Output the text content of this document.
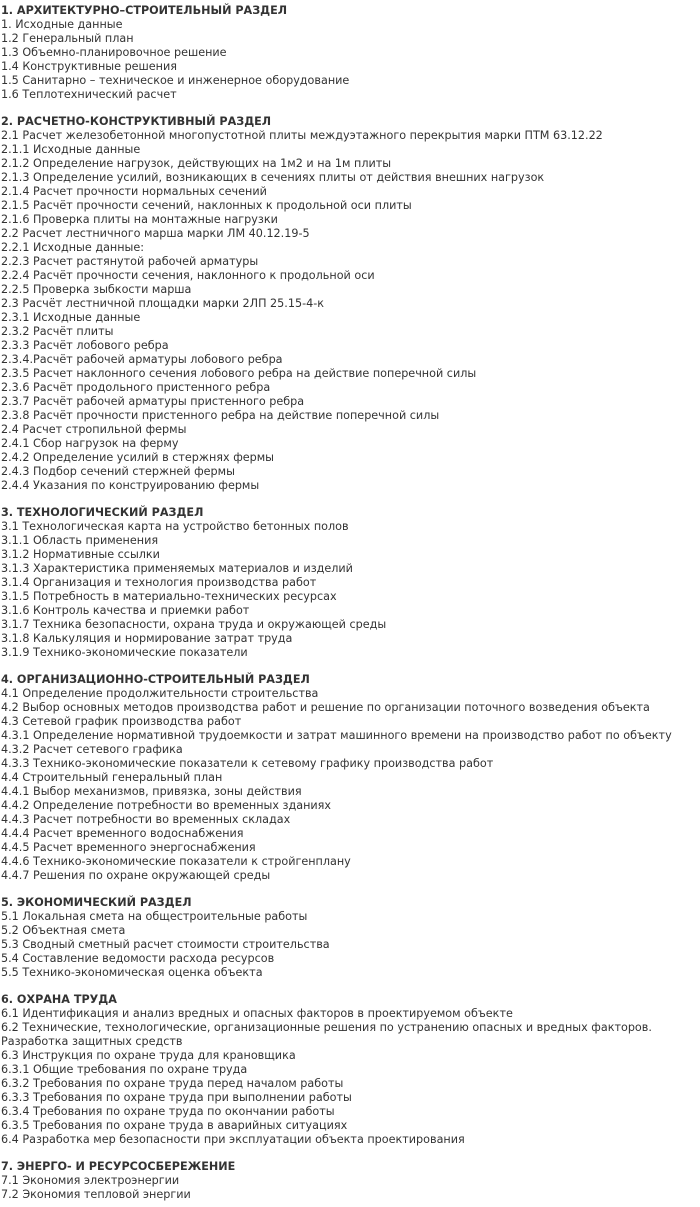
1. АРХИТЕКТУРНО–СТРОИТЕЛЬНЫЙ РАЗДЕЛ
1. Исходные данные
1.2 Генеральный план
1.3 Объемно-планировочное решение
1.4 Конструктивные решения
1.5 Санитарно – техническое и инженерное оборудование
1.6 Теплотехнический расчет
2. РАСЧЕТНО-КОНСТРУКТИВНЫЙ РАЗДЕЛ
2.1 Расчет железобетонной многопустотной плиты междуэтажного перекрытия марки ПТМ 63.12.22
2.1.1 Исходные данные
2.1.2 Определение нагрузок, действующих на 1м2 и на 1м плиты
2.1.3 Определение усилий, возникающих в сечениях плиты от действия внешних нагрузок
2.1.4 Расчет прочности нормальных сечений
2.1.5 Расчёт прочности сечений, наклонных к продольной оси плиты
2.1.6 Проверка плиты на монтажные нагрузки
2.2 Расчет лестничного марша марки ЛМ 40.12.19-5
2.2.1 Исходные данные:
2.2.3 Расчет растянутой рабочей арматуры
2.2.4 Расчёт прочности сечения, наклонного к продольной оси
2.2.5 Проверка зыбкости марша
2.3 Расчёт лестничной площадки марки 2ЛП 25.15-4-к
2.3.1 Исходные данные
2.3.2 Расчёт плиты
2.3.3 Расчёт лобового ребра
2.3.4.Расчёт рабочей арматуры лобового ребра
2.3.5 Расчет наклонного сечения лобового ребра на действие поперечной силы
2.3.6 Расчёт продольного пристенного ребра
2.3.7 Расчёт рабочей арматуры пристенного ребра
2.3.8 Расчёт прочности пристенного ребра на действие поперечной силы
2.4 Расчет стропильной фермы
2.4.1 Сбор нагрузок на ферму
2.4.2 Определение усилий в стержнях фермы
2.4.3 Подбор сечений стержней фермы
2.4.4 Указания по конструированию фермы
3. ТЕХНОЛОГИЧЕСКИЙ РАЗДЕЛ
3.1 Технологическая карта на устройство бетонных полов
3.1.1 Область применения
3.1.2 Нормативные ссылки
3.1.3 Характеристика применяемых материалов и изделий
3.1.4 Организация и технология производства работ
3.1.5 Потребность в материально-технических ресурсах
3.1.6 Контроль качества и приемки работ
3.1.7 Техника безопасности, охрана труда и окружающей среды
3.1.8 Калькуляция и нормирование затрат труда
3.1.9 Технико-экономические показатели
4. ОРГАНИЗАЦИОННО-СТРОИТЕЛЬНЫЙ РАЗДЕЛ
4.1 Определение продолжительности строительства
4.2 Выбор основных методов производства работ и решение по организации поточного возведения объекта
4.3 Сетевой график производства работ
4.3.1 Определение нормативной трудоемкости и затрат машинного времени на производство работ по объекту
4.3.2 Расчет сетевого графика
4.3.3 Технико-экономические показатели к сетевому графику производства работ
4.4 Строительный генеральный план
4.4.1 Выбор механизмов, привязка, зоны действия
4.4.2 Определение потребности во временных зданиях
4.4.3 Расчет потребности во временных складах
4.4.4 Расчет временного водоснабжения
4.4.5 Расчет временного энергоснабжения
4.4.6 Технико-экономические показатели к стройгенплану
4.4.7 Решения по охране окружающей среды
5. ЭКОНОМИЧЕСКИЙ РАЗДЕЛ
5.1 Локальная смета на общестроительные работы
5.2 Объектная смета
5.3 Сводный сметный расчет стоимости строительства
5.4 Составление ведомости расхода ресурсов
5.5 Технико-экономическая оценка объекта
6. ОХРАНА ТРУДА
6.1 Идентификация и анализ вредных и опасных факторов в проектируемом объекте
6.2 Технические, технологические, организационные решения по устранению опасных и вредных факторов. Разработка защитных средств
6.3 Инструкция по охране труда для крановщика
6.3.1 Общие требования по охране труда
6.3.2 Требования по охране труда перед началом работы
6.3.3 Требования по охране труда при выполнении работы
6.3.4 Требования по охране труда по окончании работы
6.3.5 Требования по охране труда в аварийных ситуациях
6.4 Разработка мер безопасности при эксплуатации объекта проектирования
7. ЭНЕРГО- И РЕСУРСОСБЕРЕЖЕНИЕ
7.1 Экономия электроэнергии
7.2 Экономия тепловой энергии
